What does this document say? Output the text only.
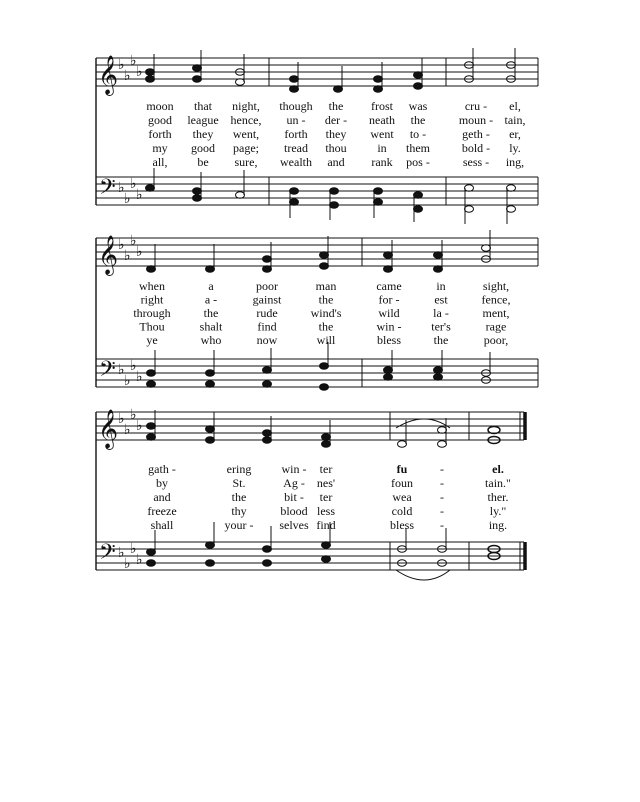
𝄞
𝄢
𝄞
𝄢
𝄞
𝄢
♭
♭
♭
♭
♭
♭
♭
♭
♭
♭
♭
♭
♭
♭
♭
♭
♭
♭
♭
♭
♭
♭
♭
♭
moon that night, though the frost was	cru - el,
good league hence, un - der - neath the	moun - tain,
forth they went, forth they went to -	geth - er,
my good page; tread thou	in them	bold - ly.
all, be sure, wealth and rank pos -	sess - ing,
when	a	poor	man	came	in	sight,
right	a -	gainst	the	for -	est	fence,
through	the	rude	wind's	wild	la -	ment,
Thou	shalt	find	the	win - ter's	rage
ye	who	now	will	bless	the	poor,
gath -	ering	win - ter	fu	-	el.
by	St.	Ag - nes'	foun -	tain."
and	the	bit - ter	wea -	ther.
freeze	thy	blood less	cold -	ly."
shall	your - selves find	bless -	ing.
